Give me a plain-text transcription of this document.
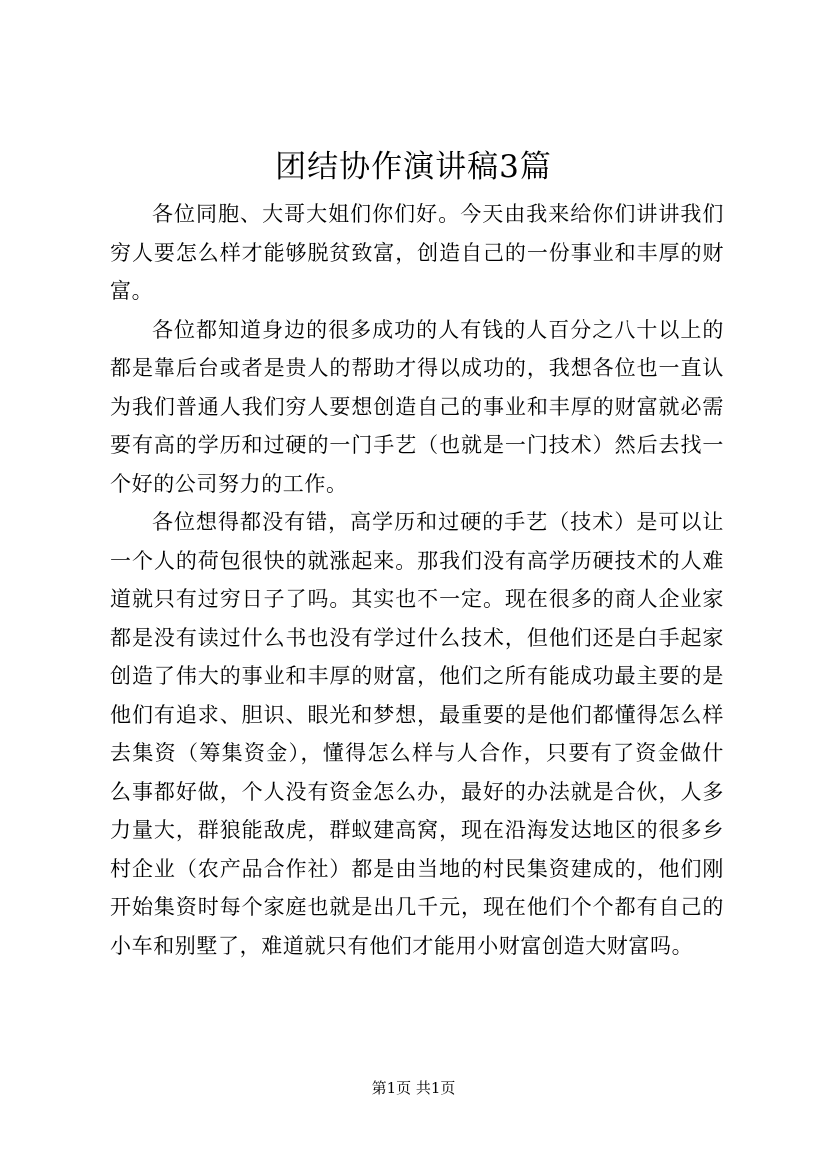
团结协作演讲稿3篇

各位同胞、大哥大姐们你们好。今天由我来给你们讲讲我们穷人要怎么样才能够脱贫致富，创造自己的一份事业和丰厚的财富。

各位都知道身边的很多成功的人有钱的人百分之八十以上的都是靠后台或者是贵人的帮助才得以成功的，我想各位也一直认为我们普通人我们穷人要想创造自己的事业和丰厚的财富就必需要有高的学历和过硬的一门手艺（也就是一门技术）然后去找一个好的公司努力的工作。

各位想得都没有错，高学历和过硬的手艺（技术）是可以让一个人的荷包很快的就涨起来。那我们没有高学历硬技术的人难道就只有过穷日子了吗。其实也不一定。现在很多的商人企业家都是没有读过什么书也没有学过什么技术，但他们还是白手起家创造了伟大的事业和丰厚的财富，他们之所有能成功最主要的是他们有追求、胆识、眼光和梦想，最重要的是他们都懂得怎么样去集资（筹集资金），懂得怎么样与人合作，只要有了资金做什么事都好做，个人没有资金怎么办，最好的办法就是合伙，人多力量大，群狼能敌虎，群蚁建高窝，现在沿海发达地区的很多乡村企业（农产品合作社）都是由当地的村民集资建成的，他们刚开始集资时每个家庭也就是出几千元，现在他们个个都有自己的小车和别墅了，难道就只有他们才能用小财富创造大财富吗。

第1页 共1页
